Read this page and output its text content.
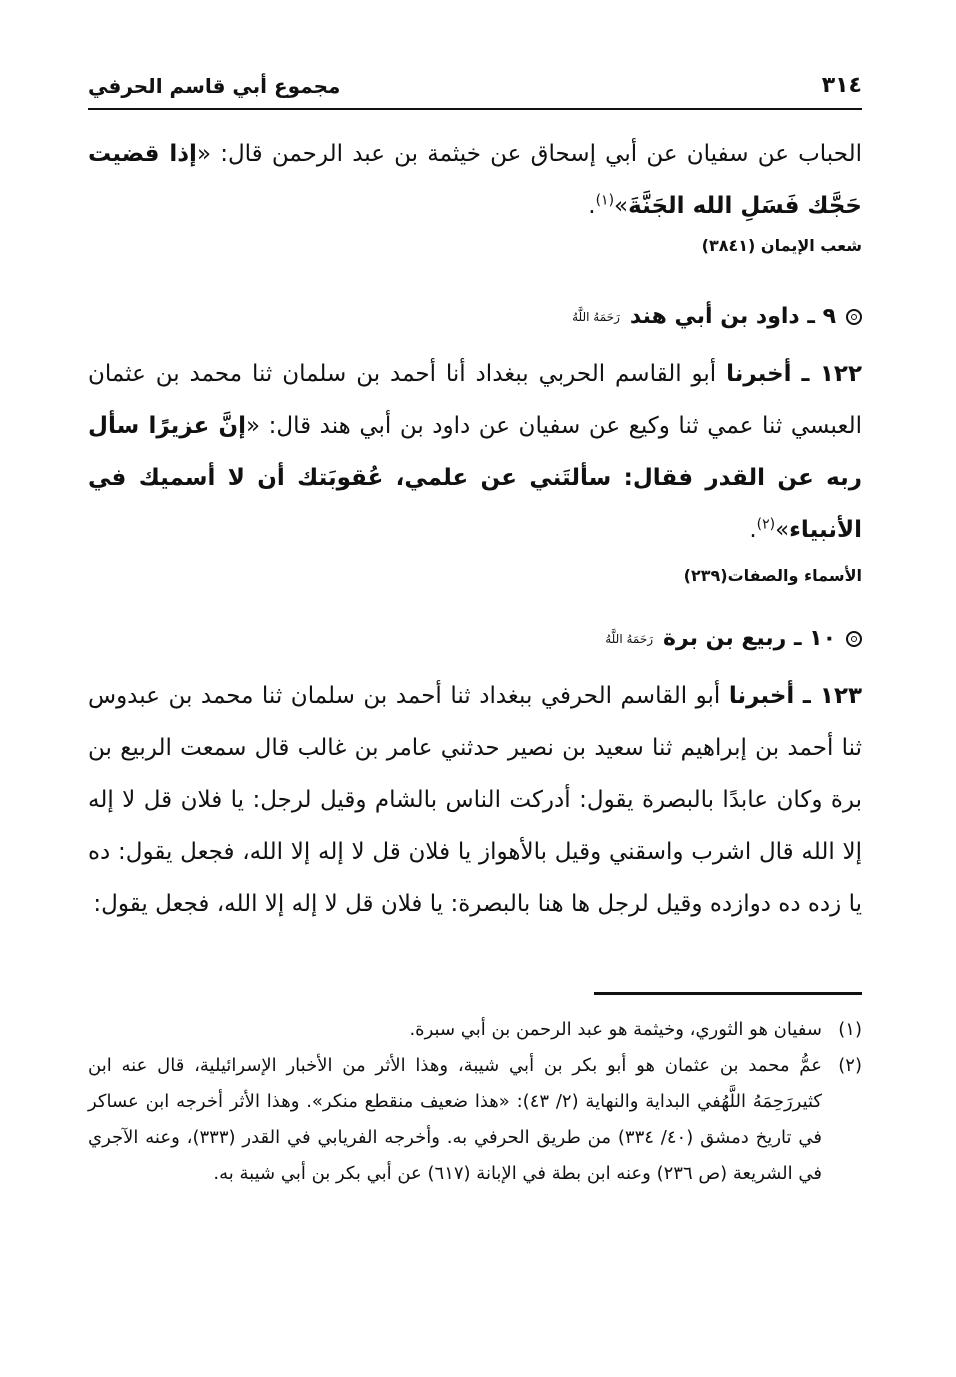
٣١٤
مجموع أبي قاسم الحرفي
الحباب عن سفيان عن أبي إسحاق عن خيثمة بن عبد الرحمن قال: «إذا قضيت حَجَّك فَسَلِ الله الجَنَّةَ»$^{(١)}$.
شعب الإيمان (٣٨٤١)
٩ ـ داود بن أبي هند
رَحَمَهُ اللَّهُ
١٢٢ ـ أخبرنا أبو القاسم الحربي ببغداد أنا أحمد بن سلمان ثنا محمد بن عثمان العبسي ثنا عمي ثنا وكيع عن سفيان عن داود بن أبي هند قال: «إنَّ عزيرًا سأل ربه عن القدر فقال: سألتَني عن علمي، عُقوبَتك أن لا أسميك في الأنبياء»$^{(٢)}$.
الأسماء والصفات(٢٣٩)
١٠ ـ ربيع بن برة
رَحَمَهُ اللَّهُ
١٢٣ ـ أخبرنا أبو القاسم الحرفي ببغداد ثنا أحمد بن سلمان ثنا محمد بن عبدوس ثنا أحمد بن إبراهيم ثنا سعيد بن نصير حدثني عامر بن غالب قال سمعت الربيع بن برة وكان عابدًا بالبصرة يقول: أدركت الناس بالشام وقيل لرجل: يا فلان قل لا إله إلا الله قال اشرب واسقني وقيل بالأهواز يا فلان قل لا إله إلا الله، فجعل يقول: ده يا زده ده دوازده وقيل لرجل ها هنا بالبصرة: يا فلان قل لا إله إلا الله، فجعل يقول:
(١)
سفيان هو الثوري، وخيثمة هو عبد الرحمن بن أبي سبرة.
(٢)
عمُّ محمد بن عثمان هو أبو بكر بن أبي شيبة، وهذا الأثر من الأخبار الإسرائيلية، قال عنه ابن كثيررَحِمَهُ اللَّهُفي البداية والنهاية (٢/ ٤٣): «هذا ضعيف منقطع منكر». وهذا الأثر أخرجه ابن عساكر في تاريخ دمشق (٤٠/ ٣٣٤) من طريق الحرفي به. وأخرجه الفريابي في القدر (٣٣٣)، وعنه الآجري في الشريعة (ص ٢٣٦) وعنه ابن بطة في الإبانة (٦١٧) عن أبي بكر بن أبي شيبة به.
